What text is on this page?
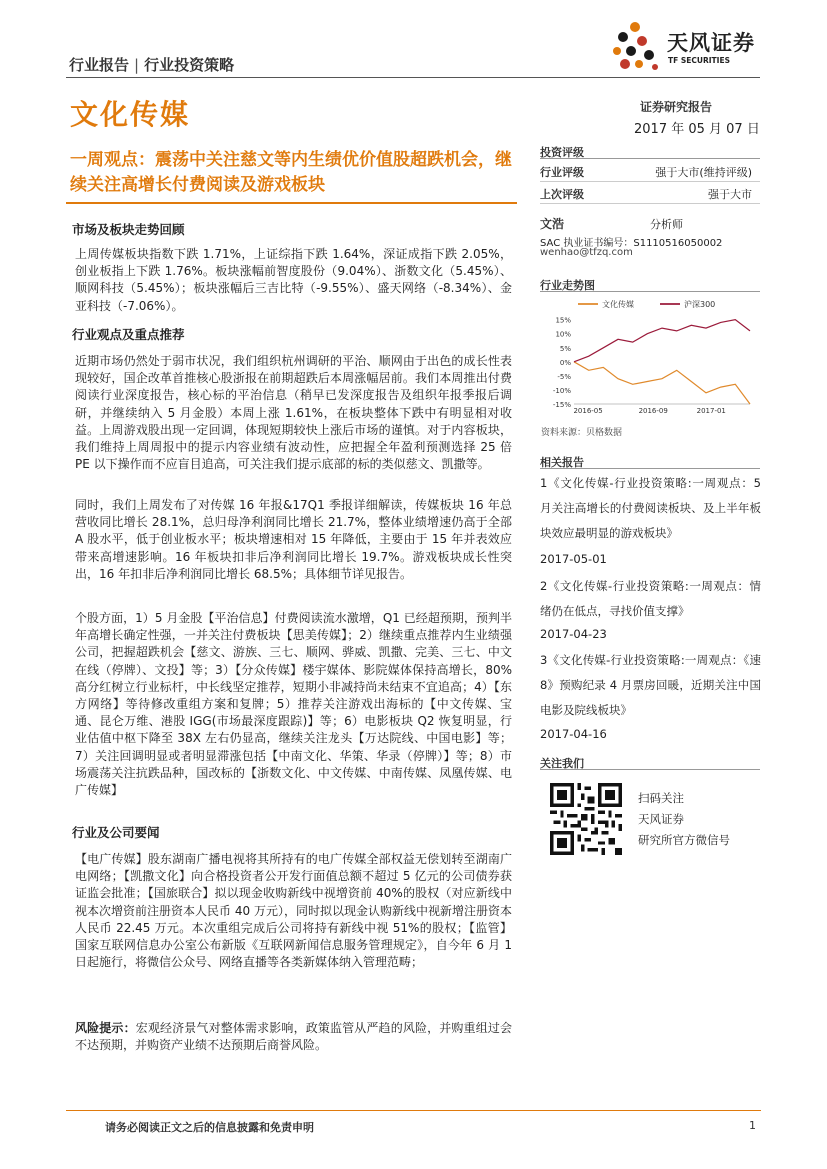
行业报告 | 行业投资策略
天风证券
TF SECURITIES
文化传媒	证券研究报告
2017 年 05 月 07 日
一周观点：震荡中关注慈文等内生绩优价值股超跌机会，继续关注高增长付费阅读及游戏板块
市场及板块走势回顾
上周传媒板块指数下跌 1.71%，上证综指下跌 1.64%，深证成指下跌 2.05%，创业板指上下跌 1.76%。板块涨幅前智度股份（9.04%）、浙数文化（5.45%）、顺网科技（5.45%）；板块涨幅后三吉比特（-9.55%）、盛天网络（-8.34%）、金亚科技（-7.06%）。
行业观点及重点推荐
近期市场仍然处于弱市状况，我们组织杭州调研的平治、顺网由于出色的成长性表现较好，国企改革首推核心股浙报在前期超跌后本周涨幅居前。我们本周推出付费阅读行业深度报告，核心标的平治信息（稍早已发深度报告及组织年报季报后调研，并继续纳入 5 月金股）本周上涨 1.61%，在板块整体下跌中有明显相对收益。上周游戏股出现一定回调，体现短期较快上涨后市场的谨慎。对于内容板块，我们维持上周周报中的提示内容业绩有波动性，应把握全年盈利预测选择 25 倍 PE 以下操作而不应盲目追高，可关注我们提示底部的标的类似慈文、凯撒等。
同时，我们上周发布了对传媒 16 年报&17Q1 季报详细解读，传媒板块 16 年总营收同比增长 28.1%，总归母净利润同比增长 21.7%，整体业绩增速仍高于全部 A 股水平，低于创业板水平；板块增速相对 15 年降低，主要由于 15 年并表效应带来高增速影响。16 年板块扣非后净利润同比增长 19.7%。游戏板块成长性突出，16 年扣非后净利润同比增长 68.5%；具体细节详见报告。
个股方面，1）5 月金股【平治信息】付费阅读流水激增，Q1 已经超预期，预判半年高增长确定性强，一并关注付费板块【思美传媒】；2）继续重点推荐内生业绩强公司，把握超跌机会【慈文、游族、三七、顺网、骅威、凯撒、完美、三七、中文在线（停牌）、文投】等；3）【分众传媒】楼宇媒体、影院媒体保持高增长，80%高分红树立行业标杆，中长线坚定推荐，短期小非减持尚未结束不宜追高；4）【东方网络】等待修改重组方案和复牌；5）推荐关注游戏出海标的【中文传媒、宝通、昆仑万维、港股 IGG(市场最深度跟踪)】等；6）电影板块 Q2 恢复明显，行业估值中枢下降至 38X 左右仍显高，继续关注龙头【万达院线、中国电影】等；7）关注回调明显或者明显滞涨包括【中南文化、华策、华录（停牌）】等；8）市场震荡关注抗跌品种，国改标的【浙数文化、中文传媒、中南传媒、凤凰传媒、电广传媒】
行业及公司要闻
【电广传媒】股东湖南广播电视将其所持有的电广传媒全部权益无偿划转至湖南广电网络；【凯撒文化】向合格投资者公开发行面值总额不超过 5 亿元的公司债券获证监会批准；【国旅联合】拟以现金收购新线中视增资前 40%的股权（对应新线中视本次增资前注册资本人民币 40 万元），同时拟以现金认购新线中视新增注册资本人民币 22.45 万元。本次重组完成后公司将持有新线中视 51%的股权；【监管】国家互联网信息办公室公布新版《互联网新闻信息服务管理规定》，自今年 6 月 1 日起施行，将微信公众号、网络直播等各类新媒体纳入管理范畴；
风险提示：宏观经济景气对整体需求影响，政策监管从严趋的风险，并购重组过会不达预期，并购资产业绩不达预期后商誉风险。
投资评级
行业评级	强于大市(维持评级)
上次评级	强于大市
文浩	分析师
SAC 执业证书编号：S1110516050002
wenhao@tfzq.com
行业走势图
文化传媒	沪深300
15%
10%
5%
0%
-5%
-10%
-15%
2016-05	2016-09	2017-01
资料来源：贝格数据
相关报告
1《文化传媒-行业投资策略:一周观点：5 月关注高增长的付费阅读板块、及上半年板块效应最明显的游戏板块》
2017-05-01
2《文化传媒-行业投资策略:一周观点：情绪仍在低点，寻找价值支撑》
2017-04-23
3《文化传媒-行业投资策略:一周观点：《速 8》预购纪录 4 月票房回暖，近期关注中国电影及院线板块》
2017-04-16
关注我们
扫码关注
天风证券
研究所官方微信号
请务必阅读正文之后的信息披露和免责申明	1
